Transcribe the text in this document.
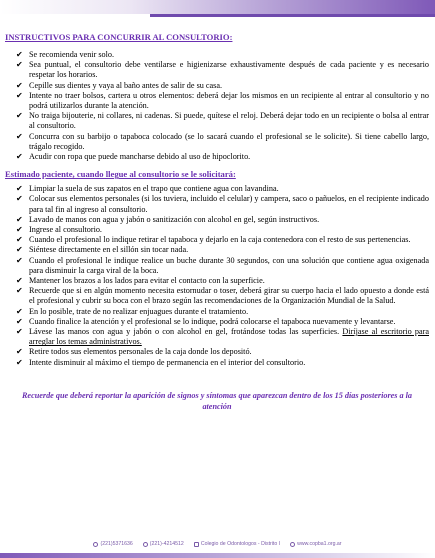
INSTRUCTIVOS PARA CONCURRIR AL CONSULTORIO:
✔ Se recomienda venir solo.
✔ Sea puntual, el consultorio debe ventilarse e higienizarse exhaustivamente después de cada paciente y es necesario respetar los horarios.
✔ Cepille sus dientes y vaya al baño antes de salir de su casa.
✔ Intente no traer bolsos, cartera u otros elementos: deberá dejar los mismos en un recipiente al entrar al consultorio y no podrá utilizarlos durante la atención.
✔ No traiga bijouterie, ni collares, ni cadenas. Si puede, quítese el reloj. Deberá dejar todo en un recipiente o bolsa al entrar al consultorio.
✔ Concurra con su barbijo o tapaboca colocado (se lo sacará cuando el profesional se le solicite). Si tiene cabello largo, trágalo recogido.
✔ Acudir con ropa que puede mancharse debido al uso de hipoclorito.
Estimado paciente, cuando llegue al consultorio se le solicitará:
✔ Limpiar la suela de sus zapatos en el trapo que contiene agua con lavandina.
✔ Colocar sus elementos personales (si los tuviera, incluido el celular) y campera, saco o pañuelos, en el recipiente indicado para tal fin al ingreso al consultorio.
✔ Lavado de manos con agua y jabón o sanitización con alcohol en gel, según instructivos.
✔ Ingrese al consultorio.
✔ Cuando el profesional lo indique retirar el tapaboca y dejarlo en la caja contenedora con el resto de sus pertenencias.
✔ Siéntese directamente en el sillón sin tocar nada.
✔ Cuando el profesional le indique realice un buche durante 30 segundos, con una solución que contiene agua oxigenada para disminuir la carga viral de la boca.
✔ Mantener los brazos a los lados para evitar el contacto con la superficie.
✔ Recuerde que si en algún momento necesita estornudar o toser, deberá girar su cuerpo hacia el lado opuesto a donde está el profesional y cubrir su boca con el brazo según las recomendaciones de la Organización Mundial de la Salud.
✔ En lo posible, trate de no realizar enjuagues durante el tratamiento.
✔ Cuando finalice la atención y el profesional se lo indique, podrá colocarse el tapaboca nuevamente y levantarse.
✔ Lávese las manos con agua y jabón o con alcohol en gel, frotándose todas las superficies. Diríjase al escritorio para arreglar los temas administrativos.
✔ Retire todos sus elementos personales de la caja donde los depositó.
✔ Intente disminuir al máximo el tiempo de permanencia en el interior del consultorio.
Recuerde que deberá reportar la aparición de signos y síntomas que aparezcan dentro de los 15 días posteriores a la atención
(221)5371636	(221)-4214512	Colegio de Odontologos - Distrito I	www.copba1.org.ar
